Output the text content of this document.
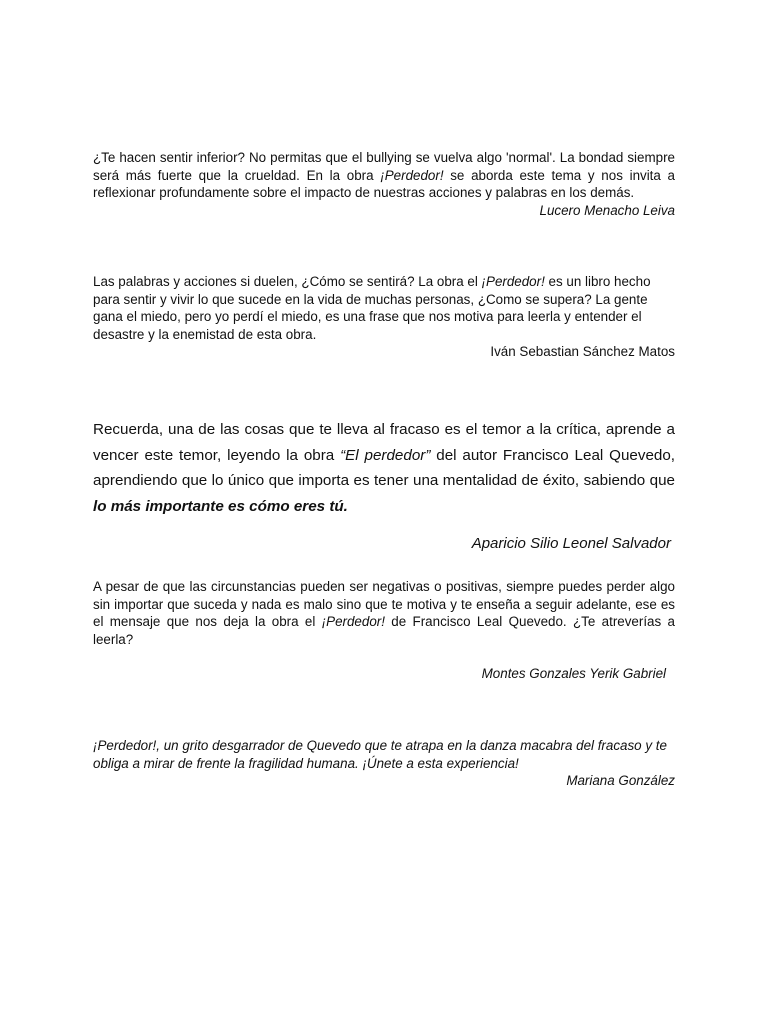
¿Te hacen sentir inferior? No permitas que el bullying se vuelva algo 'normal'. La bondad siempre será más fuerte que la crueldad. En la obra ¡Perdedor! se aborda este tema y nos invita a reflexionar profundamente sobre el impacto de nuestras acciones y palabras en los demás.

Lucero Menacho Leiva

Las palabras y acciones si duelen, ¿Cómo se sentirá? La obra el ¡Perdedor! es un libro hecho para sentir y vivir lo que sucede en la vida de muchas personas, ¿Como se supera? La gente gana el miedo, pero yo perdí el miedo, es una frase que nos motiva para leerla y entender el desastre y la enemistad de esta obra.

Iván Sebastian Sánchez Matos

Recuerda, una de las cosas que te lleva al fracaso es el temor a la crítica, aprende a vencer este temor, leyendo la obra “El perdedor” del autor Francisco Leal Quevedo, aprendiendo que lo único que importa es tener una mentalidad de éxito, sabiendo que lo más importante es cómo eres tú.

Aparicio Silio Leonel Salvador

A pesar de que las circunstancias pueden ser negativas o positivas, siempre puedes perder algo sin importar que suceda y nada es malo sino que te motiva y te enseña a seguir adelante, ese es el mensaje que nos deja la obra el ¡Perdedor! de Francisco Leal Quevedo. ¿Te atreverías a leerla?

Montes Gonzales Yerik Gabriel

¡Perdedor!, un grito desgarrador de Quevedo que te atrapa en la danza macabra del fracaso y te obliga a mirar de frente la fragilidad humana. ¡Únete a esta experiencia!

Mariana González
